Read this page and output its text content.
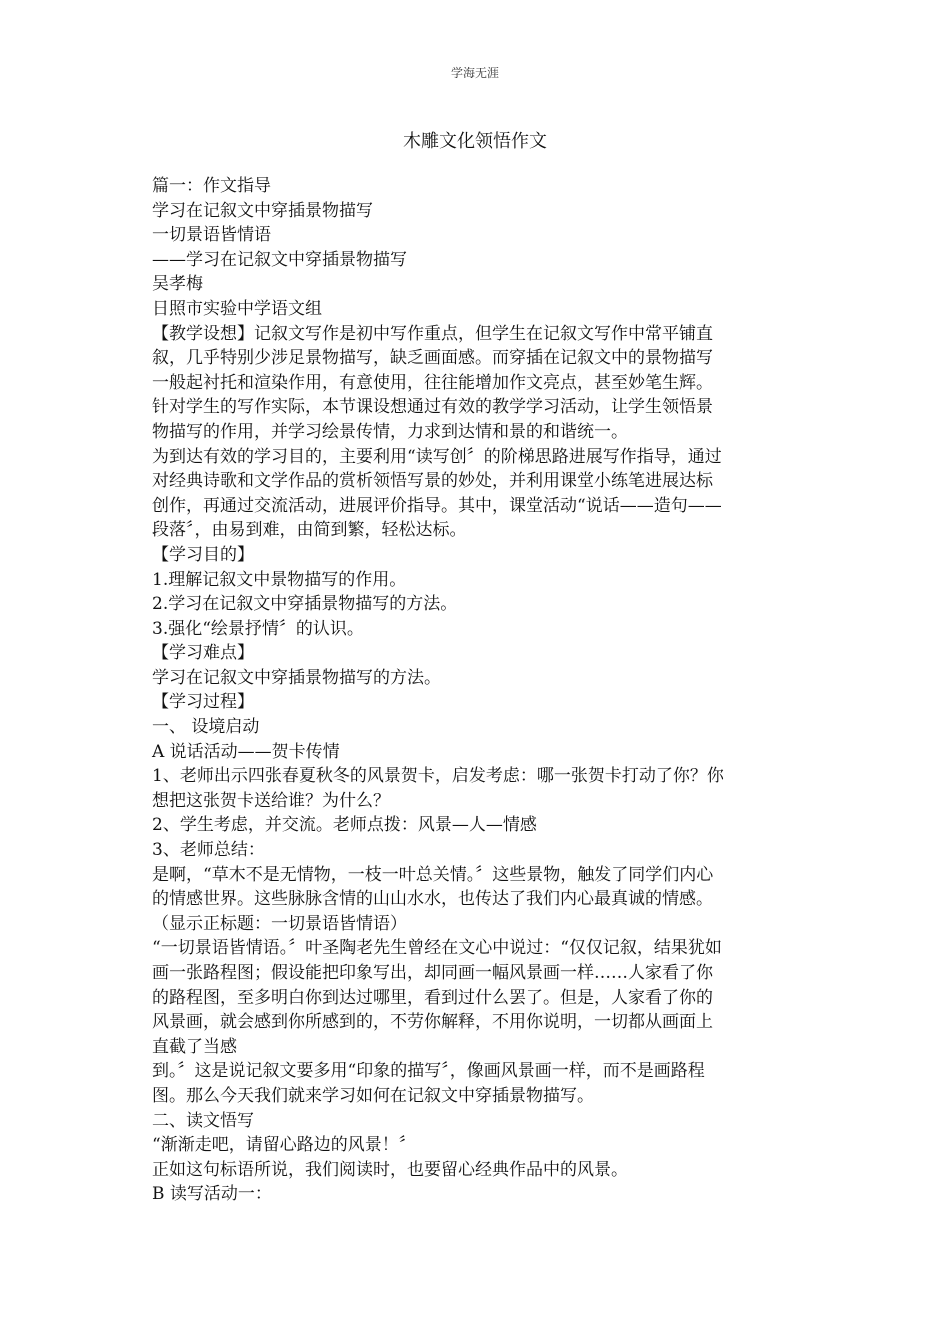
学海无涯
木雕文化领悟作文

篇一：作文指导

学习在记叙文中穿插景物描写

一切景语皆情语

——学习在记叙文中穿插景物描写

吴孝梅

日照市实验中学语文组

【教学设想】记叙文写作是初中写作重点，但学生在记叙文写作中常平铺直

叙，几乎特别少涉足景物描写，缺乏画面感。而穿插在记叙文中的景物描写

一般起衬托和渲染作用，有意使用，往往能增加作文亮点，甚至妙笔生辉。

针对学生的写作实际，本节课设想通过有效的教学学习活动，让学生领悟景

物描写的作用，并学习绘景传情，力求到达情和景的和谐统一。

为到达有效的学习目的，主要利用“读写创〞的阶梯思路进展写作指导，通过

对经典诗歌和文学作品的赏析领悟写景的妙处，并利用课堂小练笔进展达标

创作，再通过交流活动，进展评价指导。其中，课堂活动“说话——造句——

段落〞，由易到难，由简到繁，轻松达标。

【学习目的】

1.理解记叙文中景物描写的作用。

2.学习在记叙文中穿插景物描写的方法。

3.强化“绘景抒情〞的认识。

【学习难点】

学习在记叙文中穿插景物描写的方法。

【学习过程】

一、 设境启动

A 说话活动——贺卡传情

1、老师出示四张春夏秋冬的风景贺卡，启发考虑：哪一张贺卡打动了你？你

想把这张贺卡送给谁？为什么？

2、学生考虑，并交流。老师点拨：风景—人—情感

3、老师总结：

是啊，“草木不是无情物，一枝一叶总关情。〞这些景物，触发了同学们内心

的情感世界。这些脉脉含情的山山水水，也传达了我们内心最真诚的情感。

（显示正标题：一切景语皆情语）

“一切景语皆情语。〞叶圣陶老先生曾经在文心中说过：“仅仅记叙，结果犹如

画一张路程图；假设能把印象写出，却同画一幅风景画一样……人家看了你

的路程图，至多明白你到达过哪里，看到过什么罢了。但是，人家看了你的

风景画，就会感到你所感到的，不劳你解释，不用你说明，一切都从画面上

直截了当感

到。〞这是说记叙文要多用“印象的描写〞，像画风景画一样，而不是画路程

图。那么今天我们就来学习如何在记叙文中穿插景物描写。

二、读文悟写

“渐渐走吧，请留心路边的风景！〞

正如这句标语所说，我们阅读时，也要留心经典作品中的风景。

B 读写活动一：
